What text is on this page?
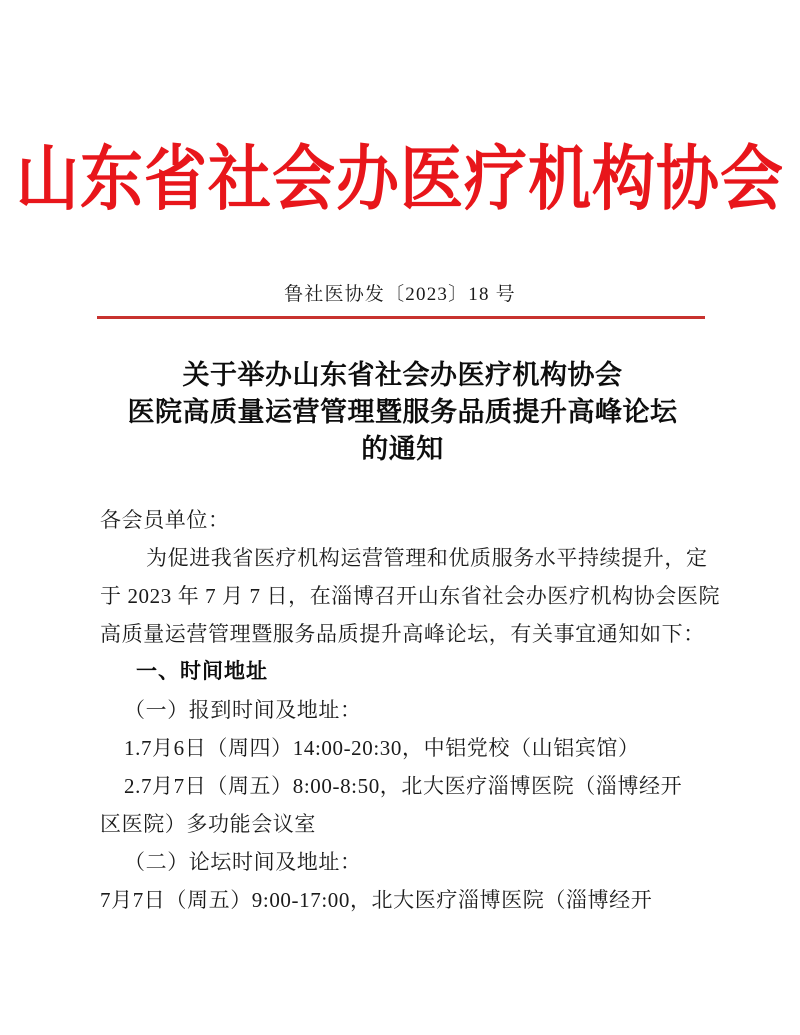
山东省社会办医疗机构协会
鲁社医协发〔2023〕18 号
关于举办山东省社会办医疗机构协会
医院高质量运营管理暨服务品质提升高峰论坛
的通知

各会员单位：

为促进我省医疗机构运营管理和优质服务水平持续提升，定

于 2023 年 7 月 7 日，在淄博召开山东省社会办医疗机构协会医院

高质量运营管理暨服务品质提升高峰论坛，有关事宜通知如下：

一、时间地址

（一）报到时间及地址：

1.7月6日（周四）14:00-20:30，中铝党校（山铝宾馆）

2.7月7日（周五）8:00-8:50，北大医疗淄博医院（淄博经开

区医院）多功能会议室

（二）论坛时间及地址：

7月7日（周五）9:00-17:00，北大医疗淄博医院（淄博经开
